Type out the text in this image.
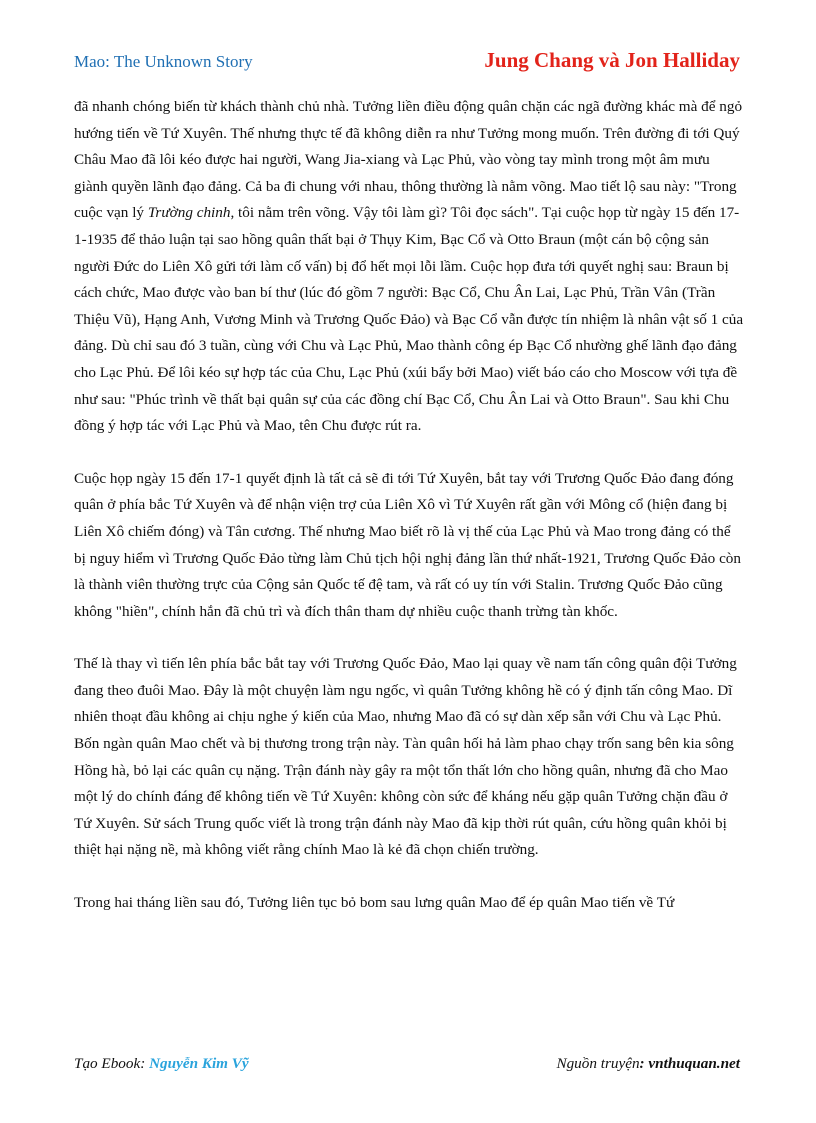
Mao: The Unknown Story	Jung Chang và Jon Halliday

đã nhanh chóng biến từ khách thành chủ nhà. Tưởng liền điều động quân chặn các ngã đường khác mà để ngỏ hướng tiến về Tứ Xuyên. Thế nhưng thực tế đã không diễn ra như Tưởng mong muốn. Trên đường đi tới Quý Châu Mao đã lôi kéo được hai người, Wang Jia-xiang và Lạc Phủ, vào vòng tay mình trong một âm mưu giành quyền lãnh đạo đảng. Cả ba đi chung với nhau, thông thường là nằm võng. Mao tiết lộ sau này: "Trong cuộc vạn lý Trường chinh, tôi nằm trên võng. Vậy tôi làm gì? Tôi đọc sách". Tại cuộc họp từ ngày 15 đến 17-1-1935 để thảo luận tại sao hồng quân thất bại ở Thụy Kim, Bạc Cổ và Otto Braun (một cán bộ cộng sản người Đức do Liên Xô gửi tới làm cố vấn) bị đổ hết mọi lỗi lầm. Cuộc họp đưa tới quyết nghị sau: Braun bị cách chức, Mao được vào ban bí thư (lúc đó gồm 7 người: Bạc Cổ, Chu Ân Lai, Lạc Phủ, Trần Vân (Trần Thiệu Vũ), Hạng Anh, Vương Minh và Trương Quốc Đảo) và Bạc Cổ vẫn được tín nhiệm là nhân vật số 1 của đảng. Dù chỉ sau đó 3 tuần, cùng với Chu và Lạc Phủ, Mao thành công ép Bạc Cổ nhường ghế lãnh đạo đảng cho Lạc Phủ. Để lôi kéo sự hợp tác của Chu, Lạc Phủ (xúi bẩy bởi Mao) viết báo cáo cho Moscow với tựa đề như sau: "Phúc trình về thất bại quân sự của các đồng chí Bạc Cổ, Chu Ân Lai và Otto Braun". Sau khi Chu đồng ý hợp tác với Lạc Phủ và Mao, tên Chu được rút ra.

Cuộc họp ngày 15 đến 17-1 quyết định là tất cả sẽ đi tới Tứ Xuyên, bắt tay với Trương Quốc Đảo đang đóng quân ở phía bắc Tứ Xuyên và để nhận viện trợ của Liên Xô vì Tứ Xuyên rất gần với Mông cổ (hiện đang bị Liên Xô chiếm đóng) và Tân cương. Thế nhưng Mao biết rõ là vị thế của Lạc Phủ và Mao trong đảng có thể bị nguy hiểm vì Trương Quốc Đảo từng làm Chủ tịch hội nghị đảng lần thứ nhất-1921, Trương Quốc Đảo còn là thành viên thường trực của Cộng sản Quốc tế đệ tam, và rất có uy tín với Stalin. Trương Quốc Đảo cũng không "hiền", chính hắn đã chủ trì và đích thân tham dự nhiều cuộc thanh trừng tàn khốc.

Thế là thay vì tiến lên phía bắc bắt tay với Trương Quốc Đảo, Mao lại quay về nam tấn công quân đội Tưởng đang theo đuôi Mao. Đây là một chuyện làm ngu ngốc, vì quân Tưởng không hề có ý định tấn công Mao. Dĩ nhiên thoạt đầu không ai chịu nghe ý kiến của Mao, nhưng Mao đã có sự dàn xếp sẵn với Chu và Lạc Phủ. Bốn ngàn quân Mao chết và bị thương trong trận này. Tàn quân hối hả làm phao chạy trốn sang bên kia sông Hồng hà, bỏ lại các quân cụ nặng. Trận đánh này gây ra một tổn thất lớn cho hồng quân, nhưng đã cho Mao một lý do chính đáng để không tiến về Tứ Xuyên: không còn sức để kháng nếu gặp quân Tưởng chặn đầu ở Tứ Xuyên. Sử sách Trung quốc viết là trong trận đánh này Mao đã kịp thời rút quân, cứu hồng quân khỏi bị thiệt hại nặng nề, mà không viết rằng chính Mao là kẻ đã chọn chiến trường.

Trong hai tháng liền sau đó, Tưởng liên tục bỏ bom sau lưng quân Mao để ép quân Mao tiến về Tứ

Tạo Ebook: Nguyễn Kim Vỹ	Nguồn truyện: vnthuquan.net
